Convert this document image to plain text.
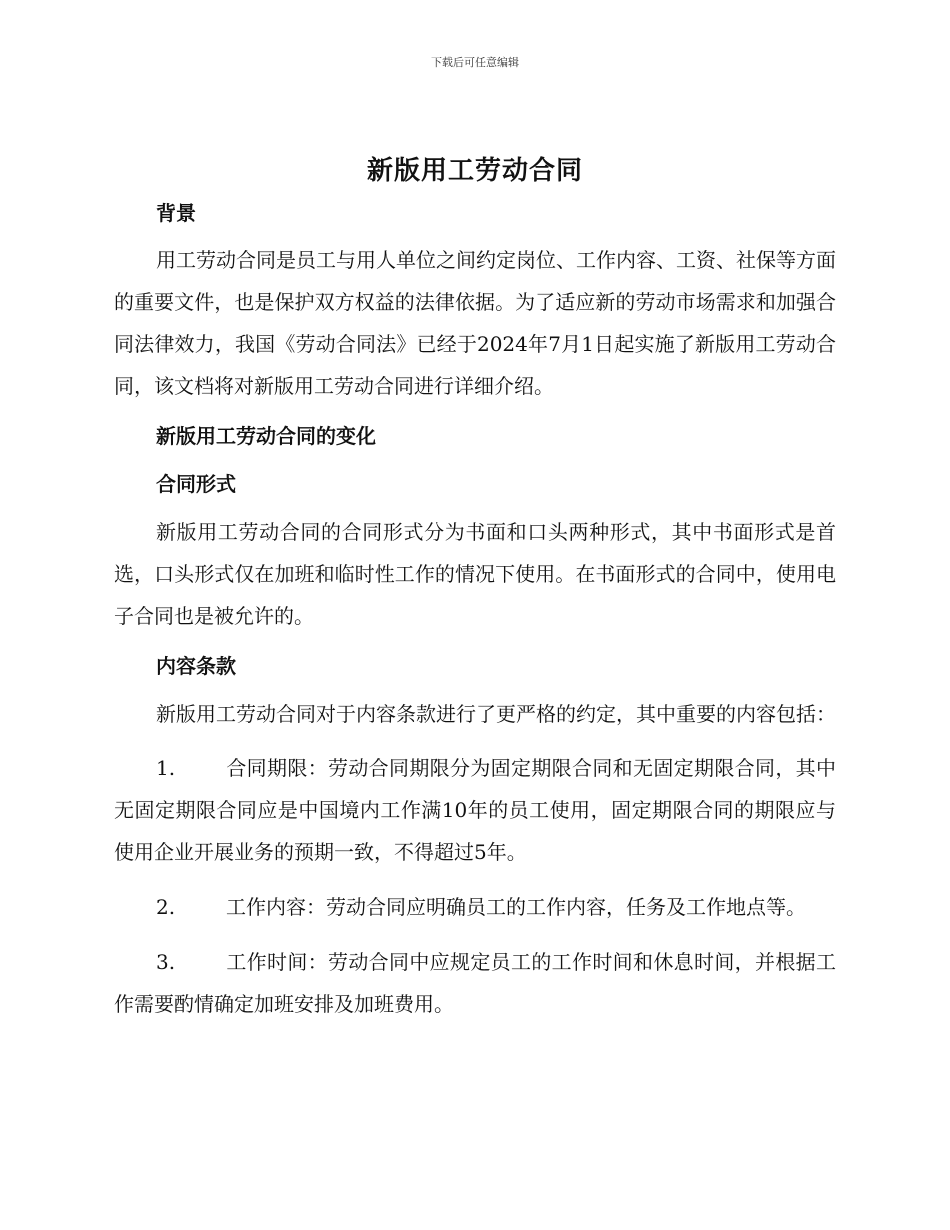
下载后可任意编辑
新版用工劳动合同

背景

用工劳动合同是员工与用人单位之间约定岗位、工作内容、工资、社保等方面的重要文件，也是保护双方权益的法律依据。为了适应新的劳动市场需求和加强合同法律效力，我国《劳动合同法》已经于2024年7月1日起实施了新版用工劳动合同，该文档将对新版用工劳动合同进行详细介绍。

新版用工劳动合同的变化

合同形式

新版用工劳动合同的合同形式分为书面和口头两种形式，其中书面形式是首选，口头形式仅在加班和临时性工作的情况下使用。在书面形式的合同中，使用电子合同也是被允许的。

内容条款

新版用工劳动合同对于内容条款进行了更严格的约定，其中重要的内容包括：

1.	合同期限：劳动合同期限分为固定期限合同和无固定期限合同，其中无固定期限合同应是中国境内工作满10年的员工使用，固定期限合同的期限应与使用企业开展业务的预期一致，不得超过5年。

2.	工作内容：劳动合同应明确员工的工作内容，任务及工作地点等。

3.	工作时间：劳动合同中应规定员工的工作时间和休息时间，并根据工作需要酌情确定加班安排及加班费用。
